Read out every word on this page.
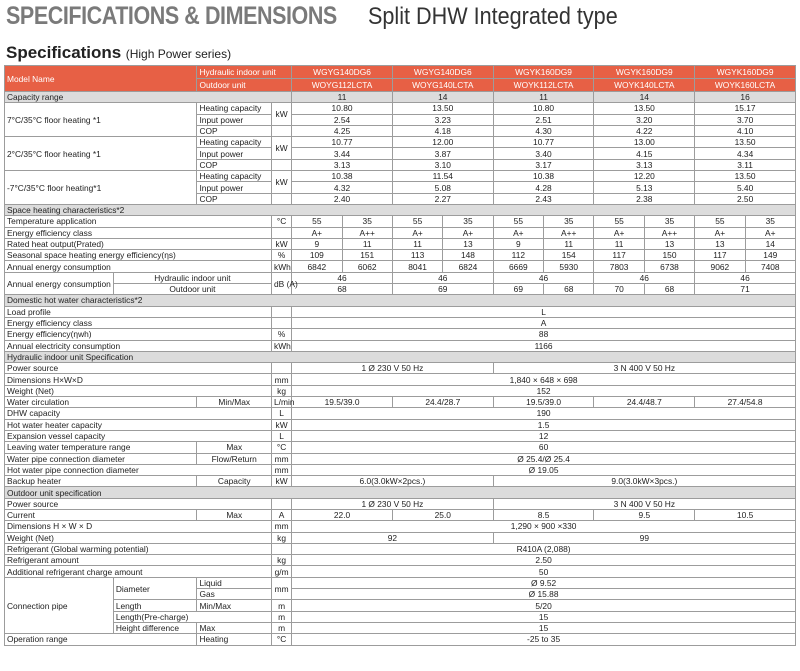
SPECIFICATIONS & DIMENSIONS Split DHW Integrated type
Specifications (High Power series)
Model Name		Hydraulic indoor unit		WGYG140DG6		WGYG140DG6		WGYK160DG9		WGYK160DG9		WGYK160DG9	
		Outdoor unit		WOYG112LCTA		WOYG140LCTA		WOYK112LCTA		WOYK140LCTA		WOYK160LCTA	
Capacity range				11		14		11		14		16	
7°C/35°C floor heating *1		Heating capacity	kW	10.80		13.50		10.80		13.50		15.17	
		Input power		2.54		3.23		2.51		3.20		3.70	
		COP		4.25		4.18		4.30		4.22		4.10	
2°C/35°C floor heating *1		Heating capacity	kW	10.77		12.00		10.77		13.00		13.50	
		Input power		3.44		3.87		3.40		4.15		4.34	
		COP		3.13		3.10		3.17		3.13		3.11	
-7°C/35°C floor heating*1		Heating capacity	kW	10.38		11.54		10.38		12.20		13.50	
		Input power		4.32		5.08		4.28		5.13		5.40	
		COP		2.40		2.27		2.43		2.38		2.50	
Space heating characteristics*2													
Temperature application			°C	55	35	55	35	55	35	55	35	55	35
Energy efficiency class				A+	A++	A+	A+	A+	A++	A+	A++	A+	A+
Rated heat output(Prated)			kW	9	11	11	13	9	11	11	13	13	14
Seasonal space heating energy efficiency(ηs)			%	109	151	113	148	112	154	117	150	117	149
Annual energy consumption			kWh	6842	6062	8041	6824	6669	5930	7803	6738	9062	7408
Annual energy consumption	Hydraulic indoor unit		dB (A)	46		46		46		46		46	
	Outdoor unit			68		69		69	68	70	68	71	
Domestic hot water characteristics*2													
Load profile				L									
Energy efficiency class				A									
Energy efficiency(ηwh)			%	88									
Annual electricity consumption			kWh	1166									
Hydraulic indoor unit Specification													
Power source				1 Ø 230 V 50 Hz				3 N 400 V 50 Hz					
Dimensions H×W×D			mm	1,840 × 648 × 698									
Weight (Net)			kg	152									
Water circulation		Min/Max	L/min	19.5/39.0		24.4/28.7		19.5/39.0		24.4/48.7		27.4/54.8	
DHW capacity			L	190									
Hot water heater capacity			kW	1.5									
Expansion vessel capacity			L	12									
Leaving water temperature range		Max	°C	60									
Water pipe connection diameter		Flow/Return	mm	Ø 25.4/Ø 25.4									
Hot water pipe connection diameter			mm	Ø 19.05									
Backup heater		Capacity	kW	6.0(3.0kW×2pcs.)				9.0(3.0kW×3pcs.)					
Outdoor unit specification													
Power source				1 Ø 230 V 50 Hz				3 N 400 V 50 Hz					
Current		Max	A	22.0		25.0		8.5		9.5		10.5	
Dimensions H × W × D			mm	1,290 × 900 ×330									
Weight (Net)			kg	92				99					
Refrigerant (Global warming potential)				R410A (2,088)									
Refrigerant amount			kg	2.50									
Additional refrigerant charge amount			g/m	50									
Connection pipe	Diameter	Liquid	mm	Ø 9.52									
		Gas		Ø 15.88									
	Length	Min/Max	m	5/20									
	Length(Pre-charge)		m	15									
	Height difference	Max	m	15									
Operation range		Heating	°C	-25 to 35									
